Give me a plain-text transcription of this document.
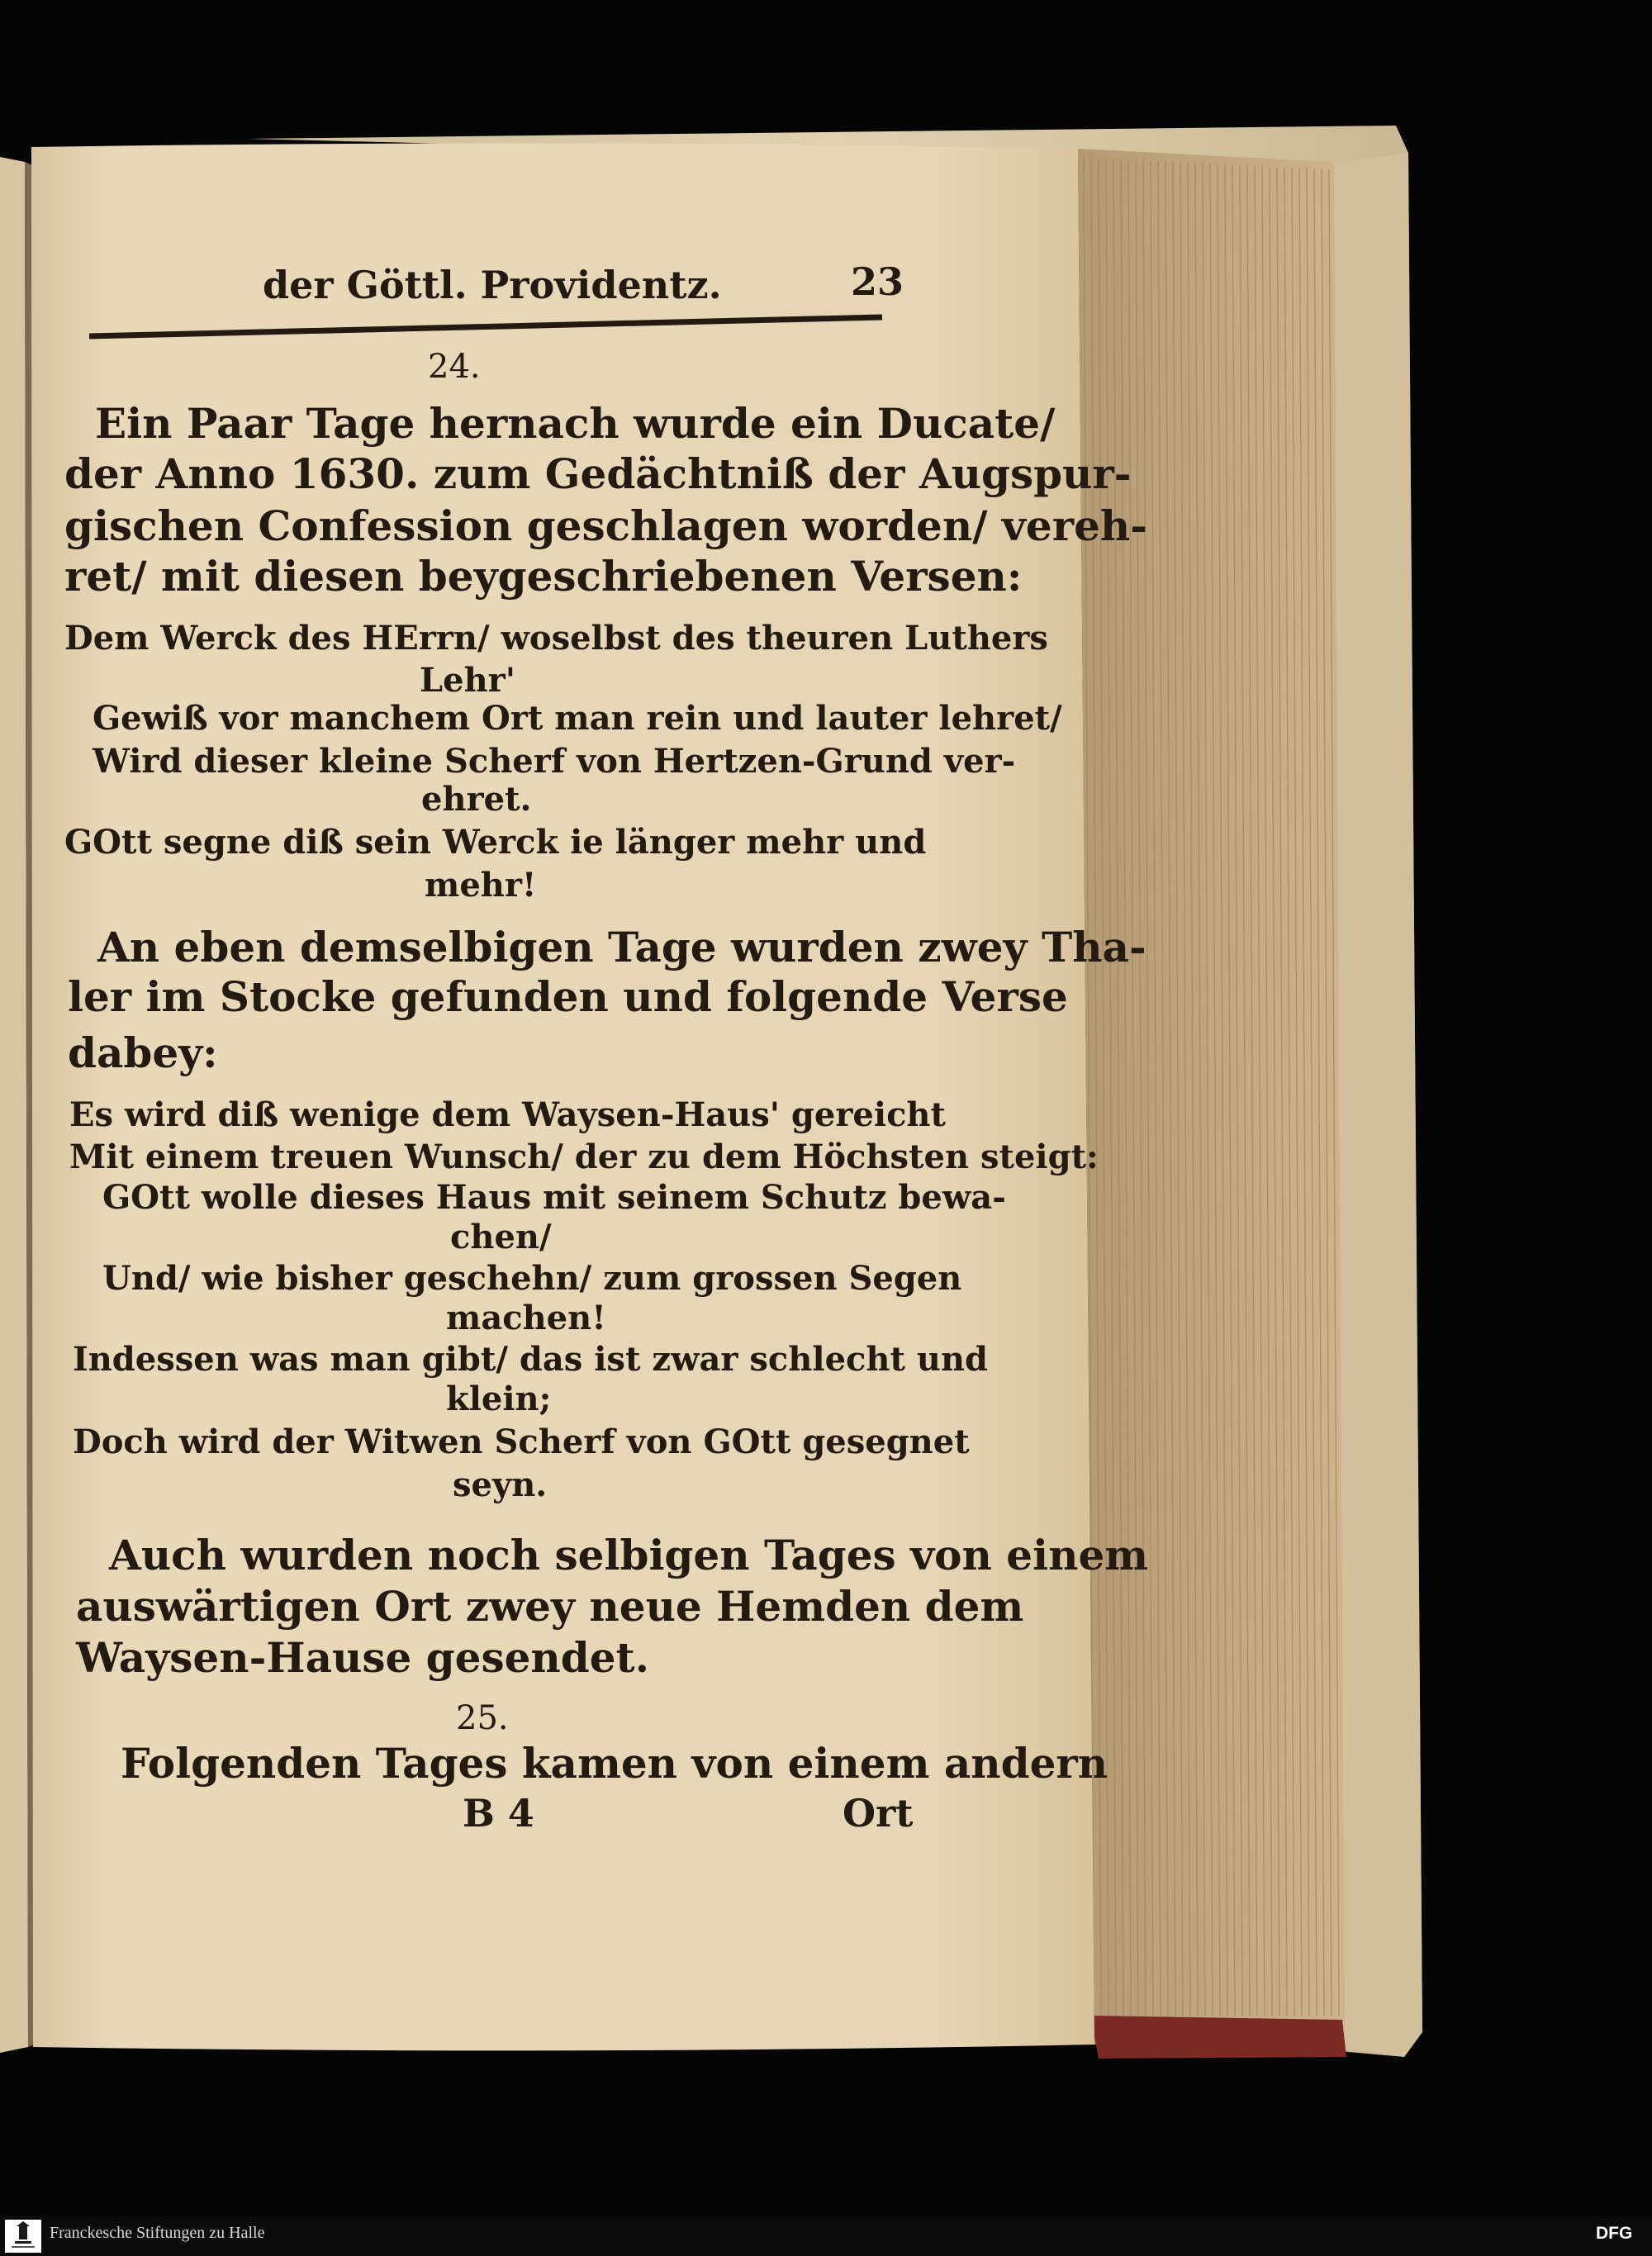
der Göttl. Providentz.	23
24.
Ein Paar Tage hernach wurde ein Ducate/
der Anno 1630. zum Gedächtniß der Augspur-
gischen Confession geschlagen worden/ vereh-
ret/ mit diesen beygeschriebenen Versen:
Dem Werck des HErrn/ woselbst des theuren Luthers
Lehr'
Gewiß vor manchem Ort man rein und lauter lehret/
Wird dieser kleine Scherf von Hertzen-Grund ver-
ehret.
GOtt segne diß sein Werck ie länger mehr und
mehr!
An eben demselbigen Tage wurden zwey Tha-
ler im Stocke gefunden und folgende Verse
dabey:
Es wird diß wenige dem Waysen-Haus' gereicht
Mit einem treuen Wunsch/ der zu dem Höchsten steigt:
GOtt wolle dieses Haus mit seinem Schutz bewa-
chen/
Und/ wie bisher geschehn/ zum grossen Segen
machen!
Indessen was man gibt/ das ist zwar schlecht und
klein;
Doch wird der Witwen Scherf von GOtt gesegnet
seyn.
Auch wurden noch selbigen Tages von einem
auswärtigen Ort zwey neue Hemden dem
Waysen-Hause gesendet.
25.
Folgenden Tages kamen von einem andern
B 4	Ort
Franckesche Stiftungen zu Halle	DFG
